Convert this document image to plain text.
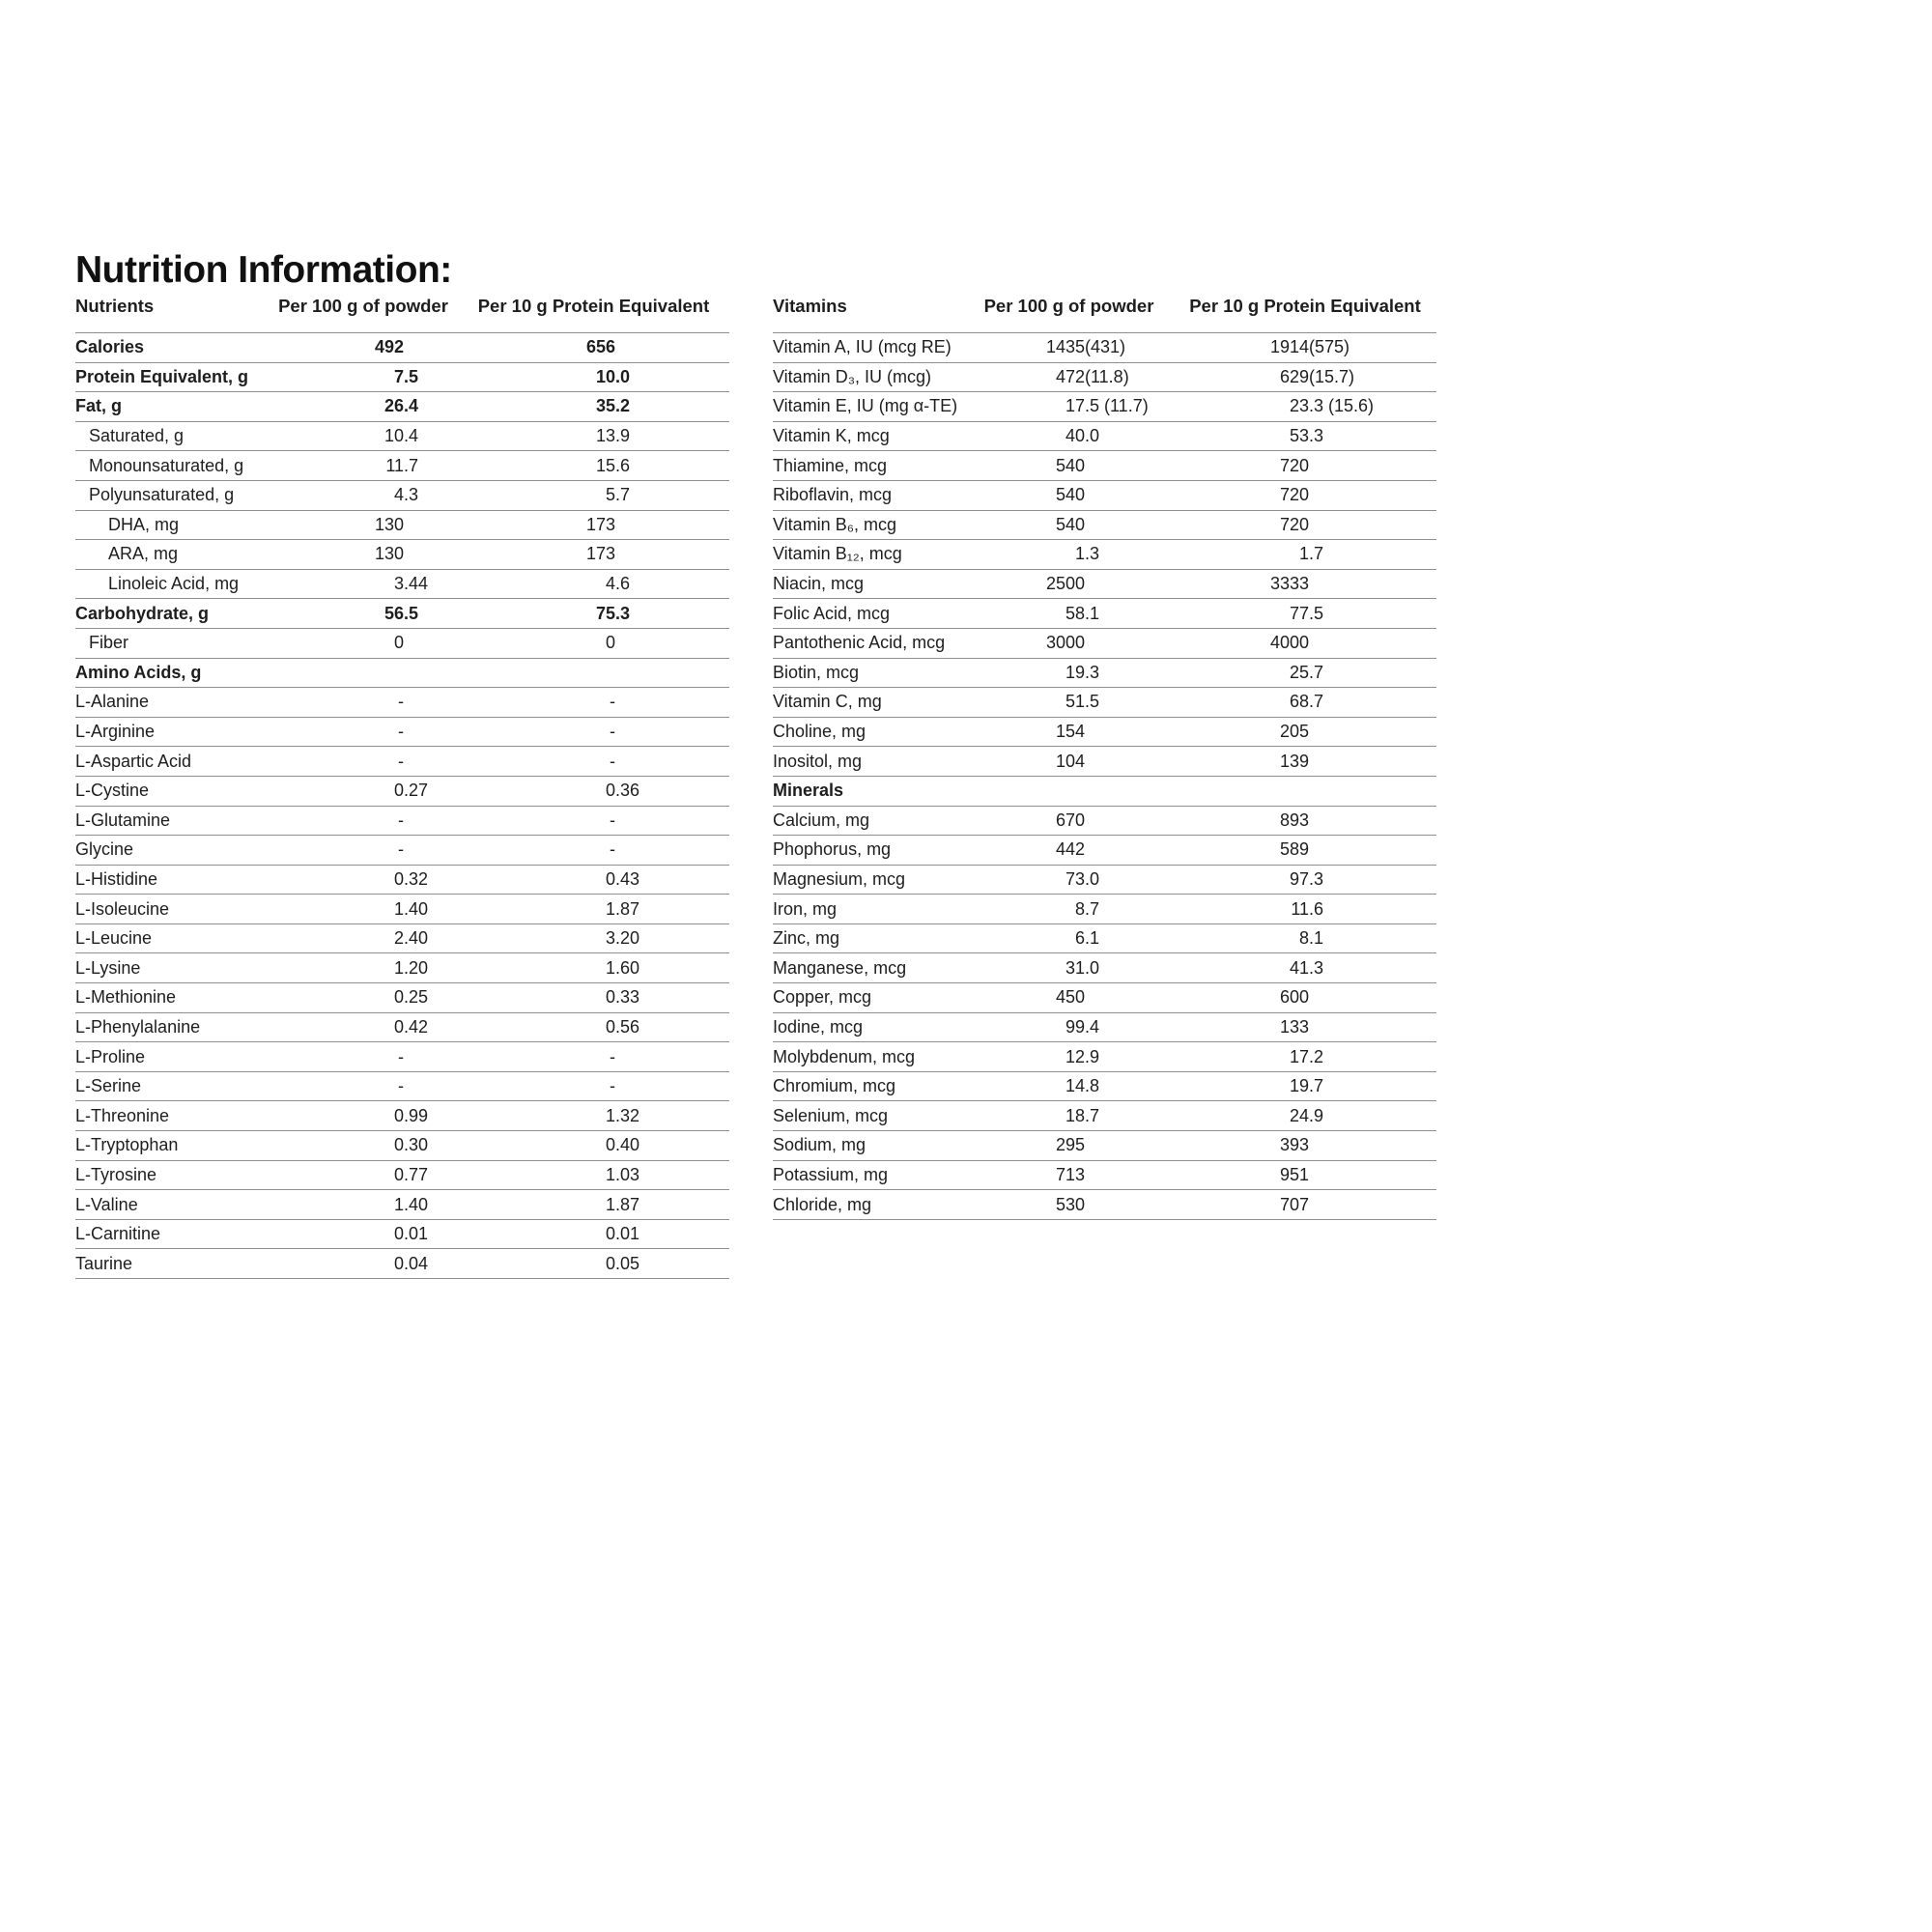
Nutrition Information:
Nutrients	Per 100 g of powder	Per 10 g Protein Equivalent
Calories	492	656
Protein Equivalent, g	7 .5	10 .0
Fat, g	26 .4	35 .2
Saturated, g	10 .4	13 .9
Monounsaturated, g	11 .7	15 .6
Polyunsaturated, g	4 .3	5 .7
DHA, mg	130	173
ARA, mg	130	173
Linoleic Acid, mg	3 .44	4 .6
Carbohydrate, g	56 .5	75 .3
Fiber	0	0
Amino Acids, g
L-Alanine	-	-
L-Arginine	-	-
L-Aspartic Acid	-	-
L-Cystine	0 .27	0 .36
L-Glutamine	-	-
Glycine	-	-
L-Histidine	0 .32	0 .43
L-Isoleucine	1 .40	1 .87
L-Leucine	2 .40	3 .20
L-Lysine	1 .20	1 .60
L-Methionine	0 .25	0 .33
L-Phenylalanine	0 .42	0 .56
L-Proline	-	-
L-Serine	-	-
L-Threonine	0 .99	1 .32
L-Tryptophan	0 .30	0 .40
L-Tyrosine	0 .77	1 .03
L-Valine	1 .40	1 .87
L-Carnitine	0 .01	0 .01
Taurine	0 .04	0 .05
Vitamins	Per 100 g of powder	Per 10 g Protein Equivalent
Vitamin A, IU (mcg RE)	1435 (431)	1914 (575)
Vitamin D₃, IU (mcg)	472 (11.8)	629 (15.7)
Vitamin E, IU (mg α-TE)	17 .5 (11.7)	23 .3 (15.6)
Vitamin K, mcg	40 .0	53 .3
Thiamine, mcg	540	720
Riboflavin, mcg	540	720
Vitamin B₆, mcg	540	720
Vitamin B₁₂, mcg	1 .3	1 .7
Niacin, mcg	2500	3333
Folic Acid, mcg	58 .1	77 .5
Pantothenic Acid, mcg	3000	4000
Biotin, mcg	19 .3	25 .7
Vitamin C, mg	51 .5	68 .7
Choline, mg	154	205
Inositol, mg	104	139
Minerals
Calcium, mg	670	893
Phophorus, mg	442	589
Magnesium, mcg	73 .0	97 .3
Iron, mg	8 .7	11 .6
Zinc, mg	6 .1	8 .1
Manganese, mcg	31 .0	41 .3
Copper, mcg	450	600
Iodine, mcg	99 .4	133
Molybdenum, mcg	12 .9	17 .2
Chromium, mcg	14 .8	19 .7
Selenium, mcg	18 .7	24 .9
Sodium, mg	295	393
Potassium, mg	713	951
Chloride, mg	530	707
